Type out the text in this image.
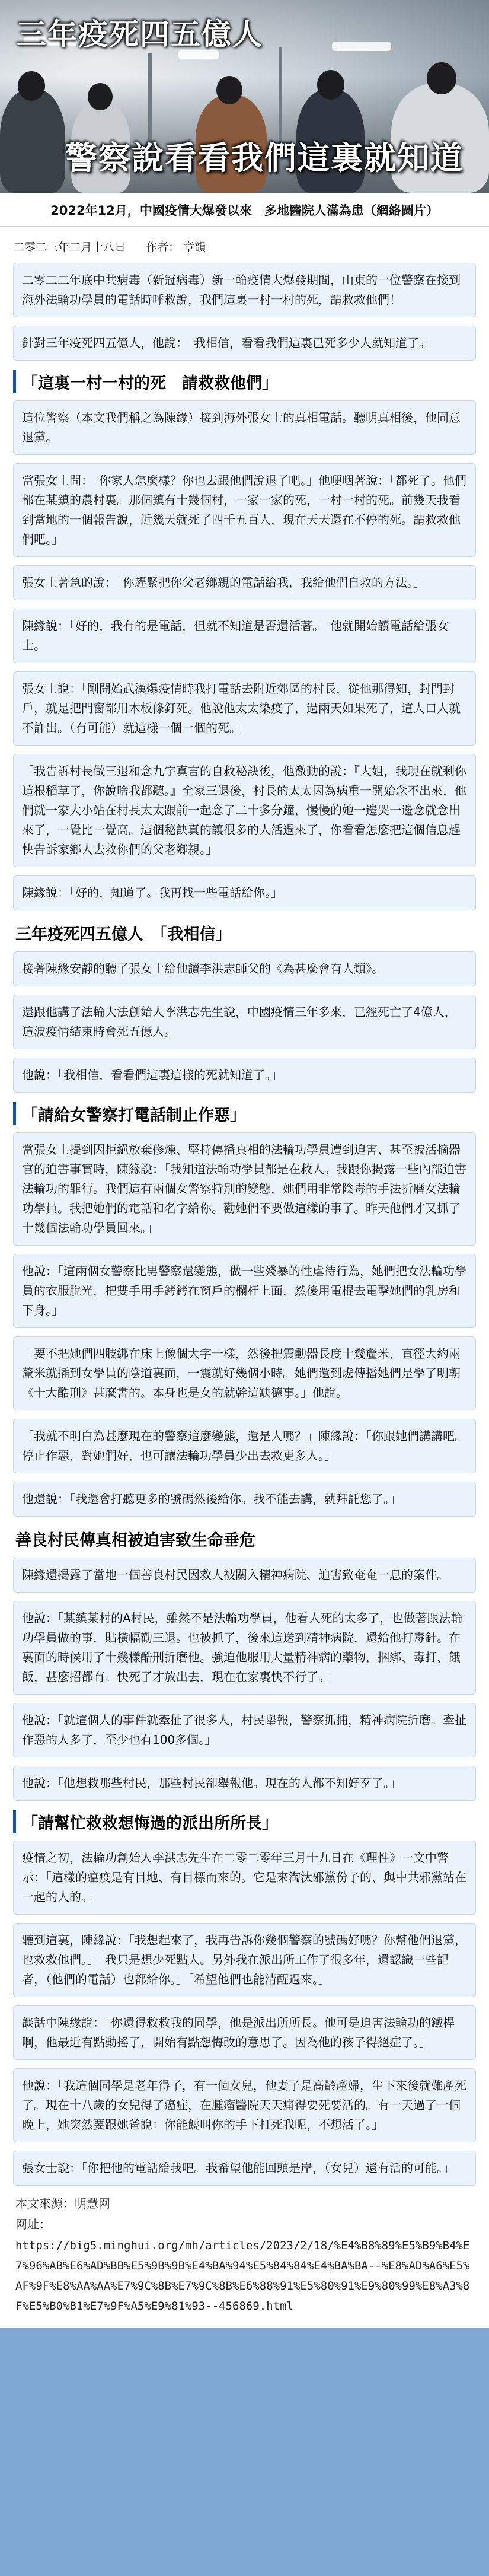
三年疫死四五億人
警察說看看我們這裏就知道
2022年12月，中國疫情大爆發以來　多地醫院人滿為患（網絡圖片）
二零二三年二月十八日 作者： 章韻
二零二二年底中共病毒（新冠病毒）新一輪疫情大爆發期間，山東的一位警察在接到海外法輪功學員的電話時呼救說，我們這裏一村一村的死，請救救他們！
針對三年疫死四五億人，他說：「我相信，看看我們這裏已死多少人就知道了。」
「這裏一村一村的死　請救救他們」
這位警察（本文我們稱之為陳緣）接到海外張女士的真相電話。聽明真相後，他同意退黨。
當張女士問：「你家人怎麼樣？你也去跟他們說退了吧。」他哽咽著說：「都死了。他們都在某鎮的農村裏。那個鎮有十幾個村，一家一家的死，一村一村的死。前幾天我看到當地的一個報告說，近幾天就死了四千五百人，現在天天還在不停的死。請救救他們吧。」
張女士著急的說：「你趕緊把你父老鄉親的電話給我，我給他們自救的方法。」
陳緣說：「好的，我有的是電話，但就不知道是否還活著。」他就開始讀電話給張女士。
張女士說：「剛開始武漢爆疫情時我打電話去附近郊區的村長，從他那得知，封門封戶，就是把門窗都用木板條釘死。他說他太太染疫了，過兩天如果死了，這人口人就不許出。（有可能）就這樣一個一個的死。」
「我告訴村長做三退和念九字真言的自救秘訣後，他激動的說：『大姐，我現在就剩你這根稻草了，你說啥我都聽。』全家三退後，村長的太太因為病重一開始念不出來，他們就一家大小站在村長太太跟前一起念了二十多分鐘，慢慢的她一邊哭一邊念就念出來了，一覺比一覺高。這個秘訣真的讓很多的人活過來了，你看看怎麼把這個信息趕快告訴家鄉人去救你們的父老鄉親。」
陳緣說：「好的，知道了。我再找一些電話給你。」
三年疫死四五億人　「我相信」
接著陳緣安靜的聽了張女士給他讀李洪志師父的《為甚麼會有人類》。
還跟他講了法輪大法創始人李洪志先生說，中國疫情三年多來，已經死亡了4億人，這波疫情結束時會死五億人。
他說：「我相信，看看們這裏這樣的死就知道了。」
「請給女警察打電話制止作惡」
當張女士提到因拒絕放棄修煉、堅持傳播真相的法輪功學員遭到迫害、甚至被活摘器官的迫害事實時，陳緣說：「我知道法輪功學員都是在救人。我跟你揭露一些內部迫害法輪功的罪行。我們這有兩個女警察特別的變態，她們用非常陰毒的手法折磨女法輪功學員。我把她們的電話和名字給你。勸她們不要做這樣的事了。昨天他們才又抓了十幾個法輪功學員回來。」
他說：「這兩個女警察比男警察還變態，做一些殘暴的性虐待行為，她們把女法輪功學員的衣服脫光，把雙手用手銬銬在窗戶的欄杆上面，然後用電棍去電擊她們的乳房和下身。」
「要不把她們四肢綁在床上像個大字一樣，然後把震動器長度十幾釐米，直徑大約兩釐米就插到女學員的陰道裏面，一震就好幾個小時。她們還到處傳播她們是學了明朝《十大酷刑》甚麼書的。本身也是女的就幹這缺德事。」他說。
「我就不明白為甚麼現在的警察這麼變態，還是人嗎？」陳緣說：「你跟她們講講吧。停止作惡，對她們好，也可讓法輪功學員少出去救更多人。」
他還說：「我還會打聽更多的號碼然後給你。我不能去講，就拜託您了。」
善良村民傳真相被迫害致生命垂危
陳緣還揭露了當地一個善良村民因救人被關入精神病院、迫害致奄奄一息的案件。
他說：「某鎮某村的A村民，雖然不是法輪功學員，他看人死的太多了，也做著跟法輪功學員做的事，貼橫幅勸三退。也被抓了，後來這送到精神病院，還給他打毒針。在裏面的時候用了十幾樣酷刑折磨他。強迫他服用大量精神病的藥物，捆綁、毒打、餓飯，甚麼招都有。快死了才放出去，現在在家裏快不行了。」
他說：「就這個人的事件就牽扯了很多人，村民舉報，警察抓捕，精神病院折磨。牽扯作惡的人多了，至少也有100多個。」
他說：「他想救那些村民，那些村民卻舉報他。現在的人都不知好歹了。」
「請幫忙救救想悔過的派出所所長」
疫情之初，法輪功創始人李洪志先生在二零二零年三月十九日在《理性》一文中警示：「這樣的瘟疫是有目地、有目標而來的。它是來淘汰邪黨份子的、與中共邪黨站在一起的人的。」
聽到這裏，陳緣說：「我想起來了，我再告訴你幾個警察的號碼好嗎？你幫他們退黨，也救救他們。」「我只是想少死點人。另外我在派出所工作了很多年，還認識一些記者，（他們的電話）也都給你。」「希望他們也能清醒過來。」
談話中陳緣說：「你還得救救我的同學，他是派出所所長。他可是迫害法輪功的鐵桿啊，他最近有點動搖了，開始有點想悔改的意思了。因為他的孩子得絕症了。」
他說：「我這個同學是老年得子，有一個女兒，他妻子是高齡產婦，生下來後就難產死了。現在十八歲的女兒得了癌症，在腫瘤醫院天天痛得要死要活的。有一天過了一個晚上，她突然要跟她爸說：你能饒叫你的手下打死我呢，不想活了。」
張女士說：「你把他的電話給我吧。我希望他能回頭是岸，（女兒）還有活的可能。」
本文來源：明慧网
网址：
https://big5.minghui.org/mh/articles/2023/2/18/%E4%B8%89%E5%B9%B4%E7%96%AB%E6%AD%BB%E5%9B%9B%E4%BA%94%E5%84%84%E4%BA%BA--%E8%AD%A6%E5%AF%9F%E8%AA%AA%E7%9C%8B%E7%9C%8B%E6%88%91%E5%80%91%E9%80%99%E8%A3%8F%E5%B0%B1%E7%9F%A5%E9%81%93--456869.html
